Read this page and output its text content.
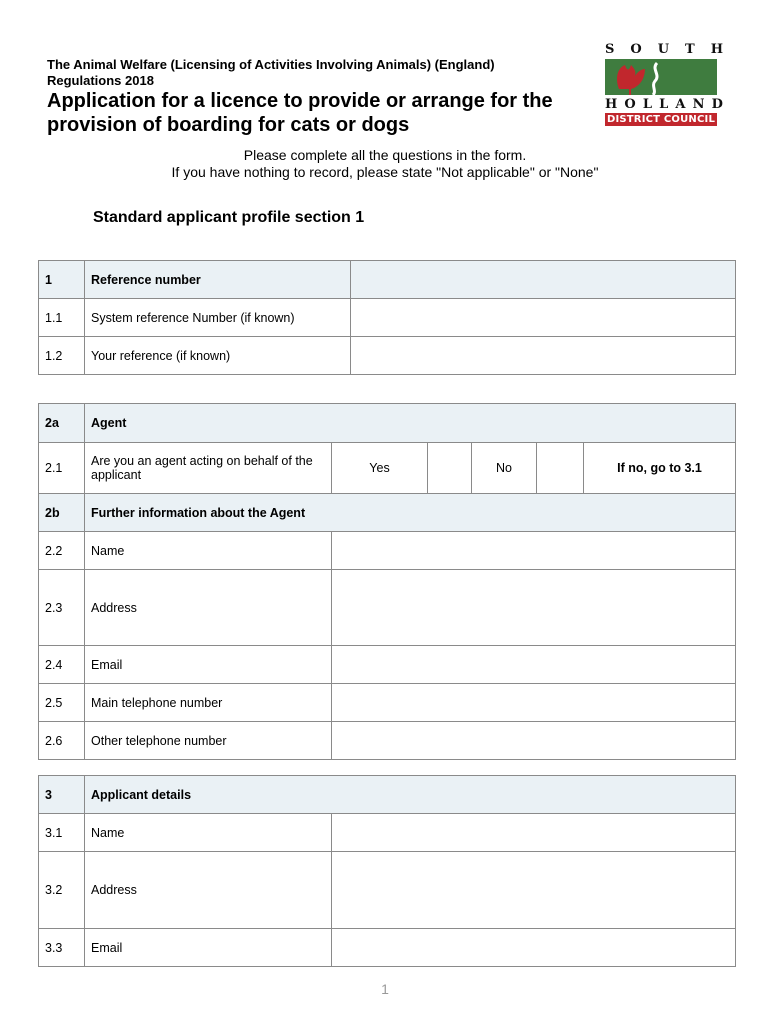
The Animal Welfare (Licensing of Activities Involving Animals) (England) Regulations 2018

Application for a licence to provide or arrange for the provision of boarding for cats or dogs
S O U T H
H O L L A N D
DISTRICT COUNCIL
Please complete all the questions in the form.
If you have nothing to record, please state "Not applicable" or "None"
Standard applicant profile section 1
1	Reference number	
1.1	System reference Number (if known)	
1.2	Your reference (if known)	
2a	Agent					
2.1	Are you an agent acting on behalf of the applicant	Yes		No		If no, go to 3.1
2b	Further information about the Agent					
2.2	Name					
2.3	Address					
2.4	Email					
2.5	Main telephone number					
2.6	Other telephone number					
3	Applicant details	
3.1	Name	
3.2	Address	
3.3	Email	
1
